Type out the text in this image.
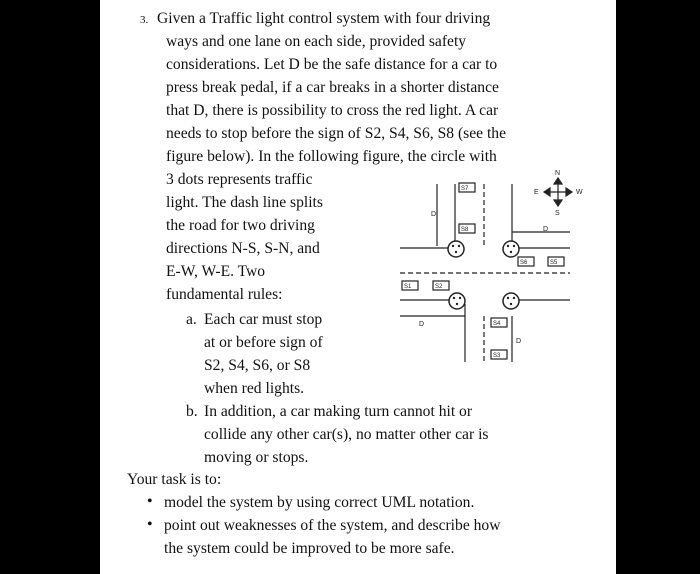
3. Given a Traffic light control system with four driving

ways and one lane on each side, provided safety

considerations. Let D be the safe distance for a car to

press break pedal, if a car breaks in a shorter distance

that D, there is possibility to cross the red light. A car

needs to stop before the sign of S2, S4, S6, S8 (see the

figure below). In the following figure, the circle with

3 dots represents traffic

light. The dash line splits

the road for two driving

directions N-S, S-N, and

E-W, W-E. Two

fundamental rules:

a. Each car must stop

at or before sign of

S2, S4, S6, or S8

when red lights.

b. In addition, a car making turn cannot hit or

collide any other car(s), no matter other car is

moving or stops.

Your task is to:

• model the system by using correct UML notation.

• point out weaknesses of the system, and describe how

the system could be improved to be more safe.

N
S
E	W
S7
S8
S6	S5
S1	S2
S4
S3
D
D
D
D
